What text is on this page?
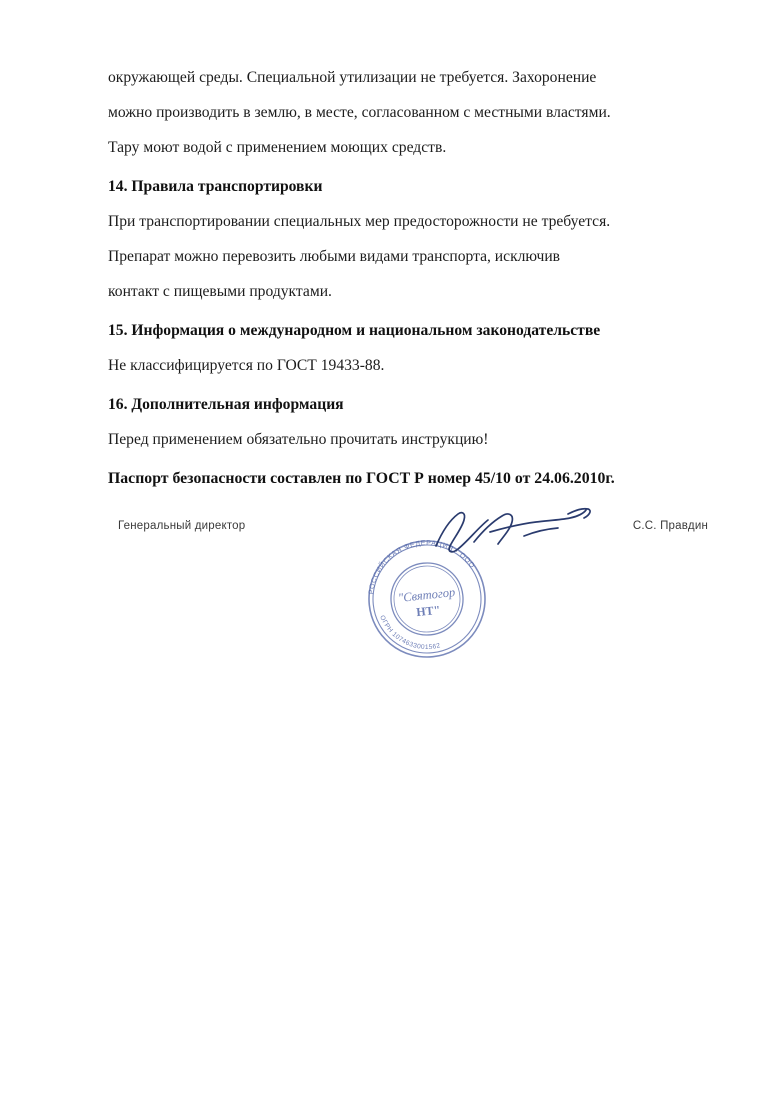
окружающей среды. Специальной утилизации не требуется. Захоронение

можно производить в землю, в месте, согласованном с местными властями.

Тару моют водой с применением моющих средств.

14. Правила транспортировки

При транспортировании специальных мер предосторожности не требуется.

Препарат можно перевозить любыми видами транспорта, исключив

контакт с пищевыми продуктами.

15. Информация о международном и национальном законодательстве

Не классифицируется по ГОСТ 19433-88.

16. Дополнительная информация

Перед применением обязательно прочитать инструкцию!

Паспорт безопасности составлен по ГОСТ Р номер 45/10 от 24.06.2010г.

Генеральный директор	С.С. Правдин
РОССИЙСКАЯ ФЕДЕРАЦИЯ · ООО
ОГРН 1074633001562
"Святогор
НТ"
